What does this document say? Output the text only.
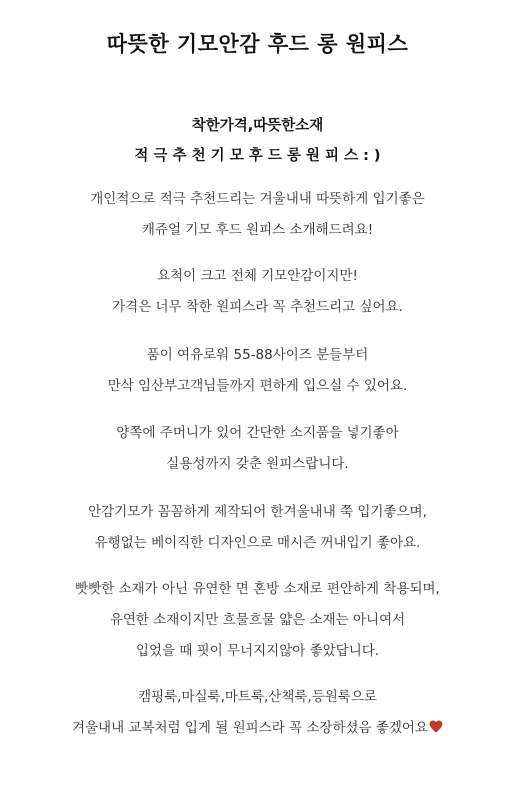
따뜻한 기모안감 후드 롱 원피스
착한가격,따뜻한소재
적 극 추 천 기 모 후 드 롱 원 피 스 : )
개인적으로 적극 추천드리는 겨울내내 따뜻하게 입기좋은
캐쥬얼 기모 후드 원피스 소개해드려요!
요척이 크고 전체 기모안감이지만!
가격은 너무 착한 원피스라 꼭 추천드리고 싶어요.
품이 여유로워 55-88사이즈 분들부터
만삭 임산부고객님들까지 편하게 입으실 수 있어요.
양쪽에 주머니가 있어 간단한 소지품을 넣기좋아
실용성까지 갖춘 원피스랍니다.
안감기모가 꼼꼼하게 제작되어 한겨울내내 쭉 입기좋으며,
유행없는 베이직한 디자인으로 매시즌 꺼내입기 좋아요.
빳빳한 소재가 아닌 유연한 면 혼방 소재로 편안하게 착용되며,
유연한 소재이지만 흐물흐물 얇은 소재는 아니여서
입었을 때 핏이 무너지지않아 좋았답니다.
캠핑룩,마실룩,마트룩,산책룩,등원룩으로
겨울내내 교복처럼 입게 될 원피스라 꼭 소장하셨음 좋겠어요
